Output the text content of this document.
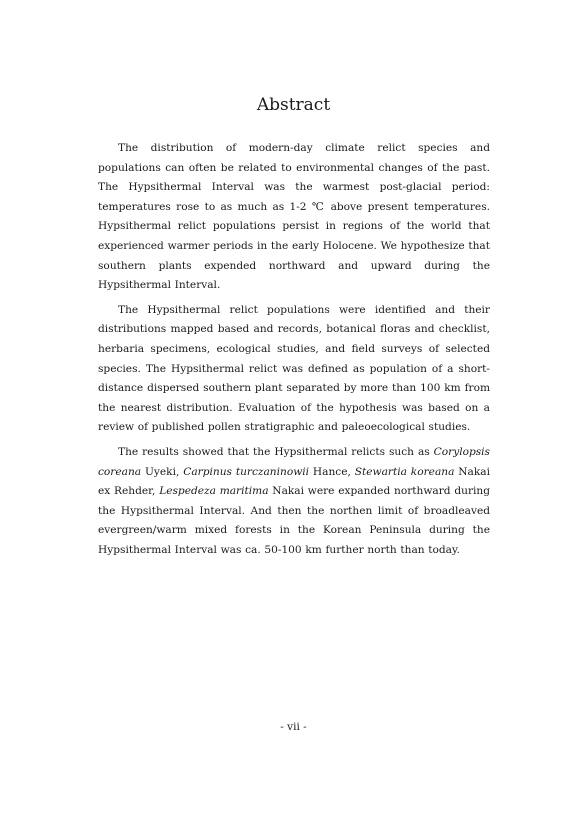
Abstract

The distribution of modern-day climate relict species and populations can often be related to environmental changes of the past. The Hypsithermal Interval was the warmest post-glacial period: temperatures rose to as much as 1-2 ℃ above present temperatures. Hypsithermal relict populations persist in regions of the world that experienced warmer periods in the early Holocene. We hypothesize that southern plants expended northward and upward during the Hypsithermal Interval.

The Hypsithermal relict populations were identified and their distributions mapped based and records, botanical floras and checklist, herbaria specimens, ecological studies, and field surveys of selected species. The Hypsithermal relict was defined as population of a short-distance dispersed southern plant separated by more than 100 km from the nearest distribution. Evaluation of the hypothesis was based on a review of published pollen stratigraphic and paleoecological studies.

The results showed that the Hypsithermal relicts such as Corylopsis coreana Uyeki, Carpinus turczaninowii Hance, Stewartia koreana Nakai ex Rehder, Lespedeza maritima Nakai were expanded northward during the Hypsithermal Interval. And then the northen limit of broadleaved evergreen/warm mixed forests in the Korean Peninsula during the Hypsithermal Interval was ca. 50-100 km further north than today.

- vii -
